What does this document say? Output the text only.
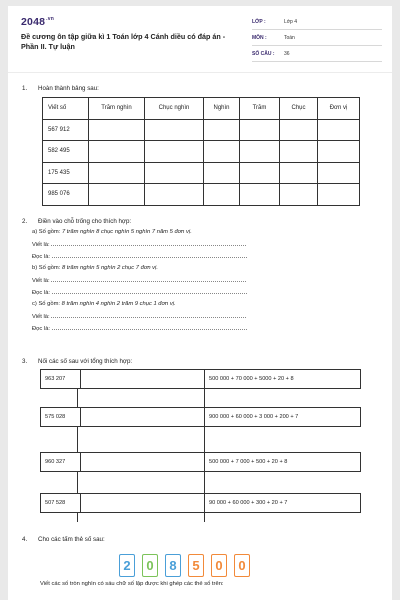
$2048^{.vn}$
Đề cương ôn tập giữa kì 1 Toán lớp 4 Cánh diều có đáp án -
Phần II. Tự luận
LỚP :	Lớp 4
MÔN :	Toán
SỐ CÂU : 36
1. Hoàn thành bảng sau:
Viết số	Trăm nghìn	Chục nghìn	Nghìn	Trăm	Chục	Đơn vị
567 912						
582 495						
175 435						
985 076						
2. Điền vào chỗ trống cho thích hợp:
a) Số gồm: 7 trăm nghìn 8 chục nghìn 5 nghìn 7 năm 5 đơn vị.
Viết là:
Đọc là:
b) Số gồm: 8 trăm nghìn 5 nghìn 2 chục 7 đơn vị.
Viết là:
Đọc là:
c) Số gồm: 8 trăm nghìn 4 nghìn 2 trăm 9 chục 1 đơn vị.
Viết là:
Đọc là:
3. Nối các số sau với tổng thích hợp:
963 207	500 000 + 70 000 + 5000 + 20 + 8
575 028	900 000 + 60 000 + 3 000 + 200 + 7
960 327	500 000 + 7 000 + 500 + 20 + 8
507 528	90 000 + 60 000 + 300 + 20 + 7
4. Cho các tấm thẻ số sau:
2 0 8 5 0 0
Viết các số tròn nghìn có sáu chữ số lập được khi ghép các thẻ số trên:
